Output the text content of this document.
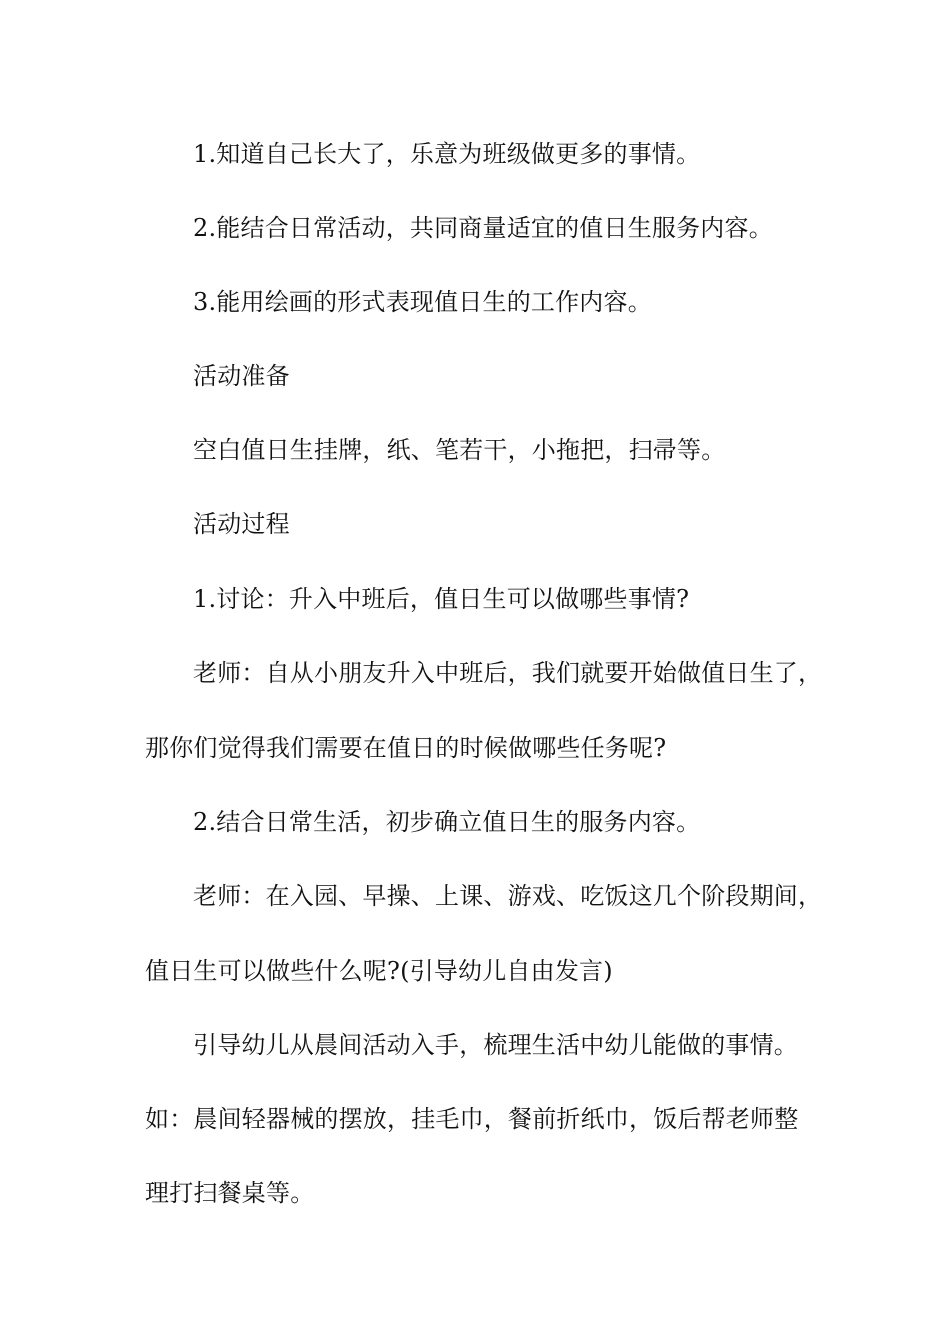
1.知道自己长大了，乐意为班级做更多的事情。
2.能结合日常活动，共同商量适宜的值日生服务内容。
3.能用绘画的形式表现值日生的工作内容。
活动准备
空白值日生挂牌，纸、笔若干，小拖把，扫帚等。
活动过程
1.讨论：升入中班后，值日生可以做哪些事情?
老师：自从小朋友升入中班后，我们就要开始做值日生了，
那你们觉得我们需要在值日的时候做哪些任务呢?
2.结合日常生活，初步确立值日生的服务内容。
老师：在入园、早操、上课、游戏、吃饭这几个阶段期间，
值日生可以做些什么呢?(引导幼儿自由发言)
引导幼儿从晨间活动入手，梳理生活中幼儿能做的事情。
如：晨间轻器械的摆放，挂毛巾，餐前折纸巾，饭后帮老师整
理打扫餐桌等。
